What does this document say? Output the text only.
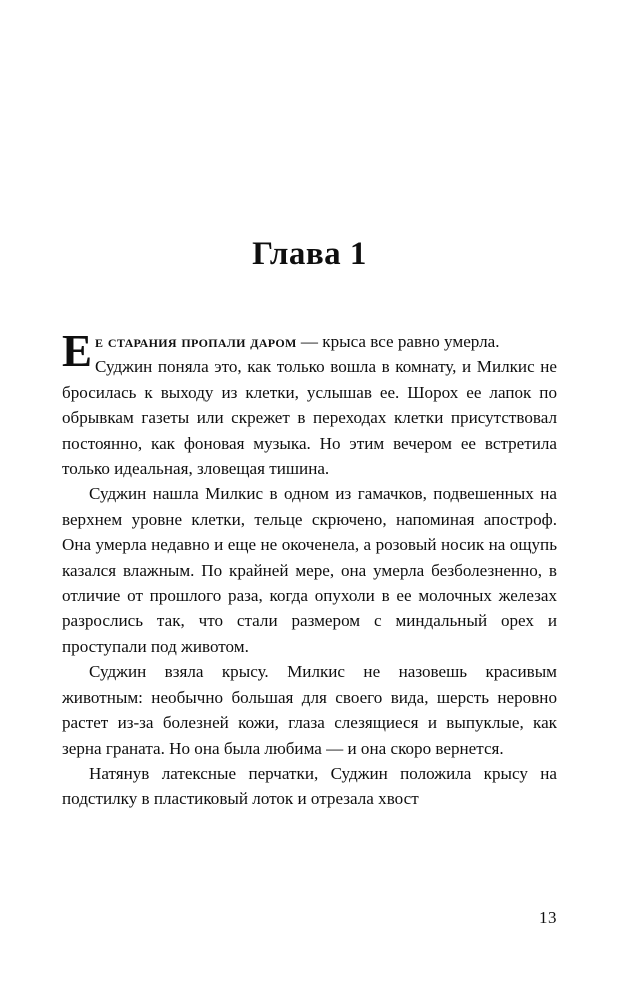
Глава 1

Ее старания пропали даром — крыса все равно умерла.

Суджин поняла это, как только вошла в комнату, и Милкис не бросилась к выходу из клетки, услышав ее. Шорох ее лапок по обрывкам газеты или скрежет в переходах клетки присутствовал постоянно, как фоновая музыка. Но этим вечером ее встретила только идеальная, зловещая тишина.

Суджин нашла Милкис в одном из гамачков, подвешенных на верхнем уровне клетки, тельце скрючено, напоминая апостроф. Она умерла недавно и еще не окоченела, а розовый носик на ощупь казался влажным. По крайней мере, она умерла безболезненно, в отличие от прошлого раза, когда опухоли в ее молочных железах разрослись так, что стали размером с миндальный орех и проступали под животом.

Суджин взяла крысу. Милкис не назовешь красивым животным: необычно большая для своего вида, шерсть неровно растет из-за болезней кожи, глаза слезящиеся и выпуклые, как зерна граната. Но она была любима — и она скоро вернется.

Натянув латексные перчатки, Суджин положила крысу на подстилку в пластиковый лоток и отрезала хвост

13
